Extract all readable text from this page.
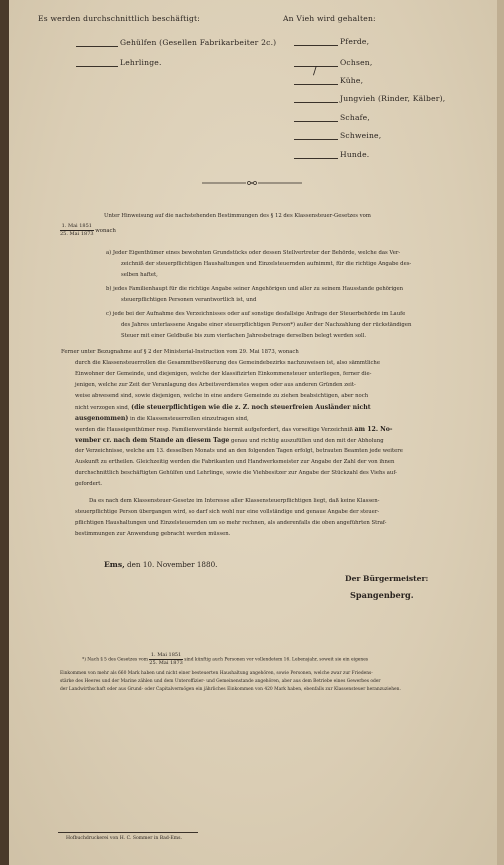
Es werden durchschnittlich beschäftigt:
Gehülfen (Gesellen Fabrikarbeiter 2c.)
Lehrlinge.
An Vieh wird gehalten:
Pferde,
Ochsen,
/
Kühe,
Jungvieh (Rinder, Kälber),
Schafe,
Schweine,
Hunde.
Unter Hinweisung auf die nachstehenden Bestimmungen des § 12 des Klassensteuer-Gesetzes vom
$\frac{\text{1. Mai 1851}}{\text{25. Mai 1873}}$ wonach
a) Jeder Eigenthümer eines bewohnten Grundstücks oder dessen Stellvertreter der Behörde, welche das Ver-
zeichniß der steuerpflichtigen Haushaltungen und Einzelsteuernden aufnimmt, für die richtige Angabe des-
selben haftet,
b) jedes Familienhaupt für die richtige Angabe seiner Angehörigen und aller zu seinem Hausstande gehörigen
steuerpflichtigen Personen verantwortlich ist, und
c) jede bei der Aufnahme des Verzeichnisses oder auf sonstige desfallsige Anfrage der Steuerbehörde im Laufe
des Jahres unterlassene Angabe einer steuerpflichtigen Person*) außer der Nachzahlung der rückständigen
Steuer mit einer Geldbuße bis zum vierfachen Jahresbetrage derselben belegt werden soll.
Ferner unter Bezugnahme auf § 2 der Ministerial-Instruction vom 29. Mai 1873, wonach
durch die Klassensteuerrollen die Gesammtbevölkerung des Gemeindebezirks nachzuweisen ist, also sämmtliche
Einwohner der Gemeinde, und diejenigen, welche der klassifizirten Einkommensteuer unterliegen, ferner die-
jenigen, welche zur Zeit der Veranlagung des Arbeitsverdienstes wegen oder aus anderen Gründen zeit-
weise abwesend sind, sowie diejenigen, welche in eine andere Gemeinde zu ziehen beabsichtigen, aber noch
nicht verzogen sind, (die steuerpflichtigen wie die z. Z. noch steuerfreien Ausländer nicht
ausgenommen) in die Klassensteuerrollen einzutragen sind,
werden die Hauseigenthümer resp. Familienvorstände hiermit aufgefordert, das vorseitige Verzeichniß am 12. No-
vember cr. nach dem Stande an diesem Tage genau und richtig auszufüllen und den mit der Abholung
der Verzeichnisse, welche am 13. desselben Monats und an den folgenden Tagen erfolgt, betrauten Beamten jede weitere
Auskunft zu ertheilen. Gleichzeitig werden die Fabrikanten und Handwerksmeister zur Angabe der Zahl der von ihnen
durchschnittlich beschäftigten Gehülfen und Lehrlinge, sowie die Viehbesitzer zur Angabe der Stückzahl des Viehs auf-
gefordert.
Da es nach dem Klassensteuer-Gesetze im Interesse aller Klassensteuerpflichtigen liegt, daß keine Klassen-
steuerpflichtige Person übergangen wird, so darf sich wohl nur eine vollständige und genaue Angabe der steuer-
pflichtigen Haushaltungen und Einzelsteuernden um so mehr rechnen, als anderenfalls die oben angeführten Straf-
bestimmungen zur Anwendung gebracht werden müssen.
Ems, den 10. November 1880.
Der Bürgermeister:
Spangenberg.
*) Nach § 5 des Gesetzes vom $\frac{\text{1. Mai 1851}}{\text{25. Mai 1873}}$ sind künftig auch Personen vor vollendetem 16. Lebensjahr, soweit sie ein eigenes
Einkommen von mehr als 660 Mark haben und nicht einer besteuerten Haushaltung angehören, sowie Personen, welche zwar zur Friedens-
stärke des Heeres und der Marine zählen und dem Unteroffizier- und Gemeinenstande angehören, aber aus dem Betriebe eines Gewerbes oder
der Landwirthschaft oder aus Grund- oder Capitalvermögen ein jährliches Einkommen von 420 Mark haben, ebenfalls zur Klassensteuer heranzuziehen.
Hofbuchdruckerei von H. C. Sommer in Bad-Ems.
